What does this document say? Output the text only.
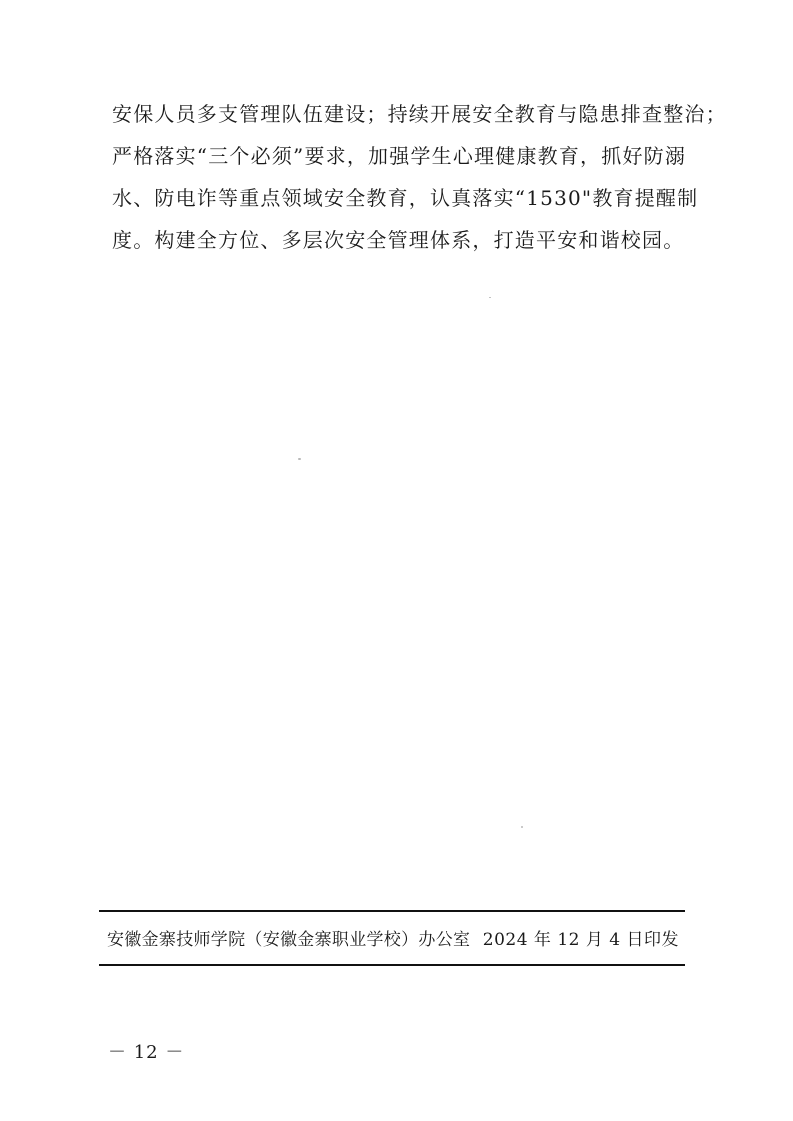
安保人员多支管理队伍建设；持续开展安全教育与隐患排查整治；
严格落实“三个必须”要求，加强学生心理健康教育，抓好防溺
水、防电诈等重点领域安全教育，认真落实“1530"教育提醒制
度。构建全方位、多层次安全管理体系，打造平安和谐校园。
安徽金寨技师学院（安徽金寨职业学校）办公室 2024 年 12 月 4 日印发
－ 12 －
